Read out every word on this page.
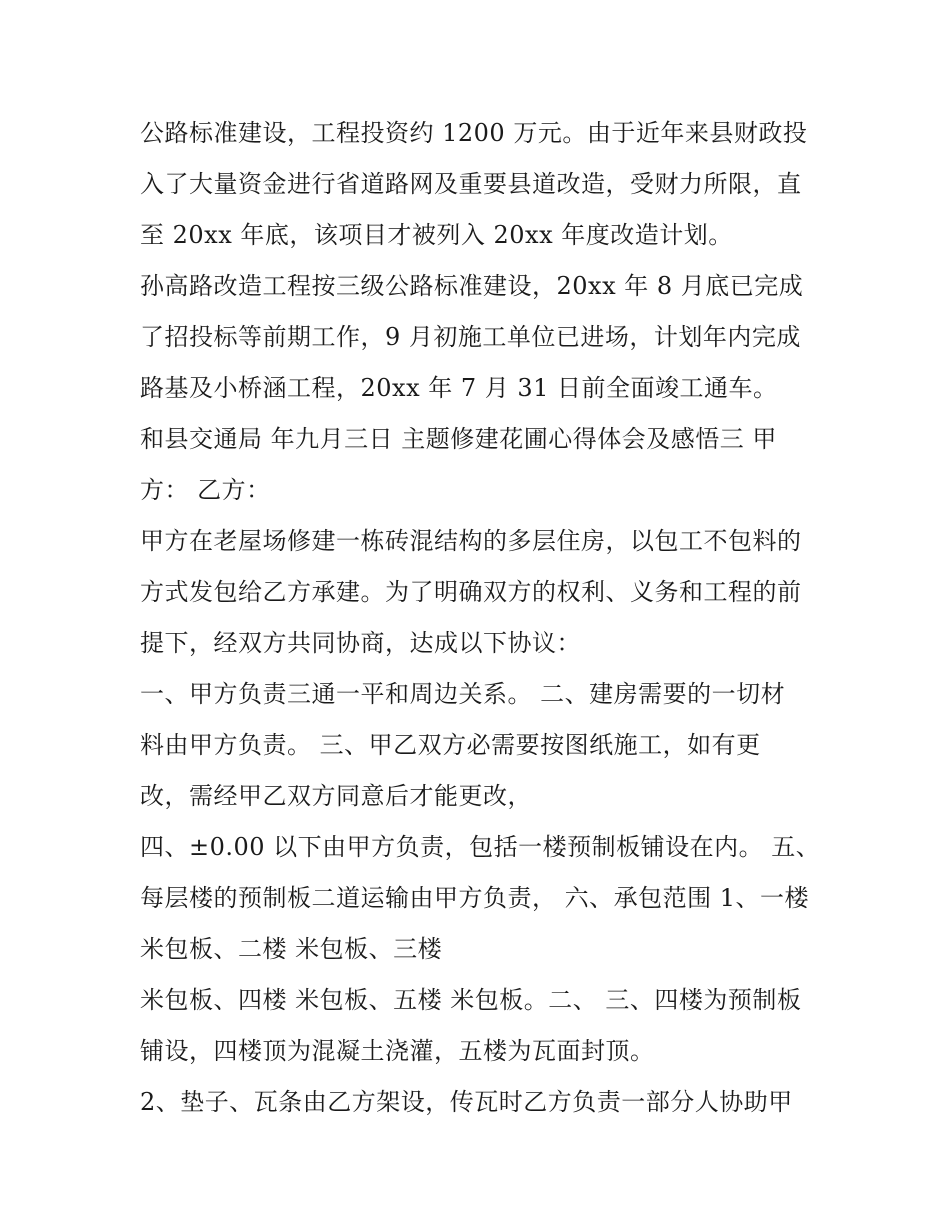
公路标准建设，工程投资约 1200 万元。由于近年来县财政投
入了大量资金进行省道路网及重要县道改造，受财力所限，直
至 20xx 年底，该项目才被列入 20xx 年度改造计划。
孙高路改造工程按三级公路标准建设，20xx 年 8 月底已完成
了招投标等前期工作，9 月初施工单位已进场，计划年内完成
路基及小桥涵工程，20xx 年 7 月 31 日前全面竣工通车。
和县交通局 年九月三日 主题修建花圃心得体会及感悟三 甲
方： 乙方：
甲方在老屋场修建一栋砖混结构的多层住房，以包工不包料的
方式发包给乙方承建。为了明确双方的权利、义务和工程的前
提下，经双方共同协商，达成以下协议：
一、甲方负责三通一平和周边关系。 二、建房需要的一切材
料由甲方负责。 三、甲乙双方必需要按图纸施工，如有更
改，需经甲乙双方同意后才能更改，
四、±0.00 以下由甲方负责，包括一楼预制板铺设在内。 五、
每层楼的预制板二道运输由甲方负责， 六、承包范围 1、一楼
米包板、二楼 米包板、三楼
米包板、四楼 米包板、五楼 米包板。二、 三、四楼为预制板
铺设，四楼顶为混凝土浇灌，五楼为瓦面封顶。
2、垫子、瓦条由乙方架设，传瓦时乙方负责一部分人协助甲
